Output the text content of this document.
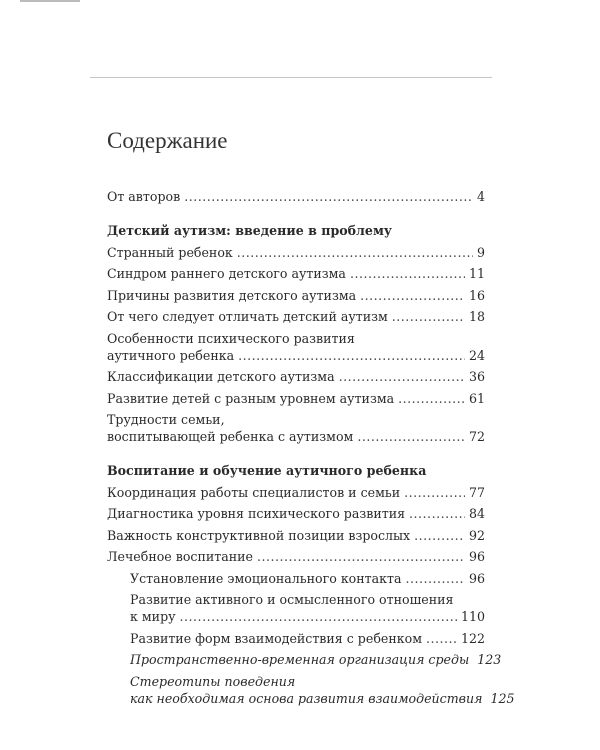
Содержание
От авторов .....	4
Детский аутизм: введение в проблему
Странный ребенок .....	9
Синдром раннего детского аутизма .....	11
Причины развития детского аутизма .....	16
От чего следует отличать детский аутизм .....	18
Особенности психического развития
аутичного ребенка .....	24
Классификации детского аутизма .....	36
Развитие детей с разным уровнем аутизма .....	61
Трудности семьи,
воспитывающей ребенка с аутизмом .....	72
Воспитание и обучение аутичного ребенка
Координация работы специалистов и семьи .....	77
Диагностика уровня психического развития .....	84
Важность конструктивной позиции взрослых .....	92
Лечебное воспитание .....	96
Установление эмоционального контакта .....	96
Развитие активного и осмысленного отношения
к миру .....	110
Развитие форм взаимодействия с ребенком .....	122
Пространственно-временная организация среды 123
Стереотипы поведения
как необходимая основа развития взаимодействия 125
